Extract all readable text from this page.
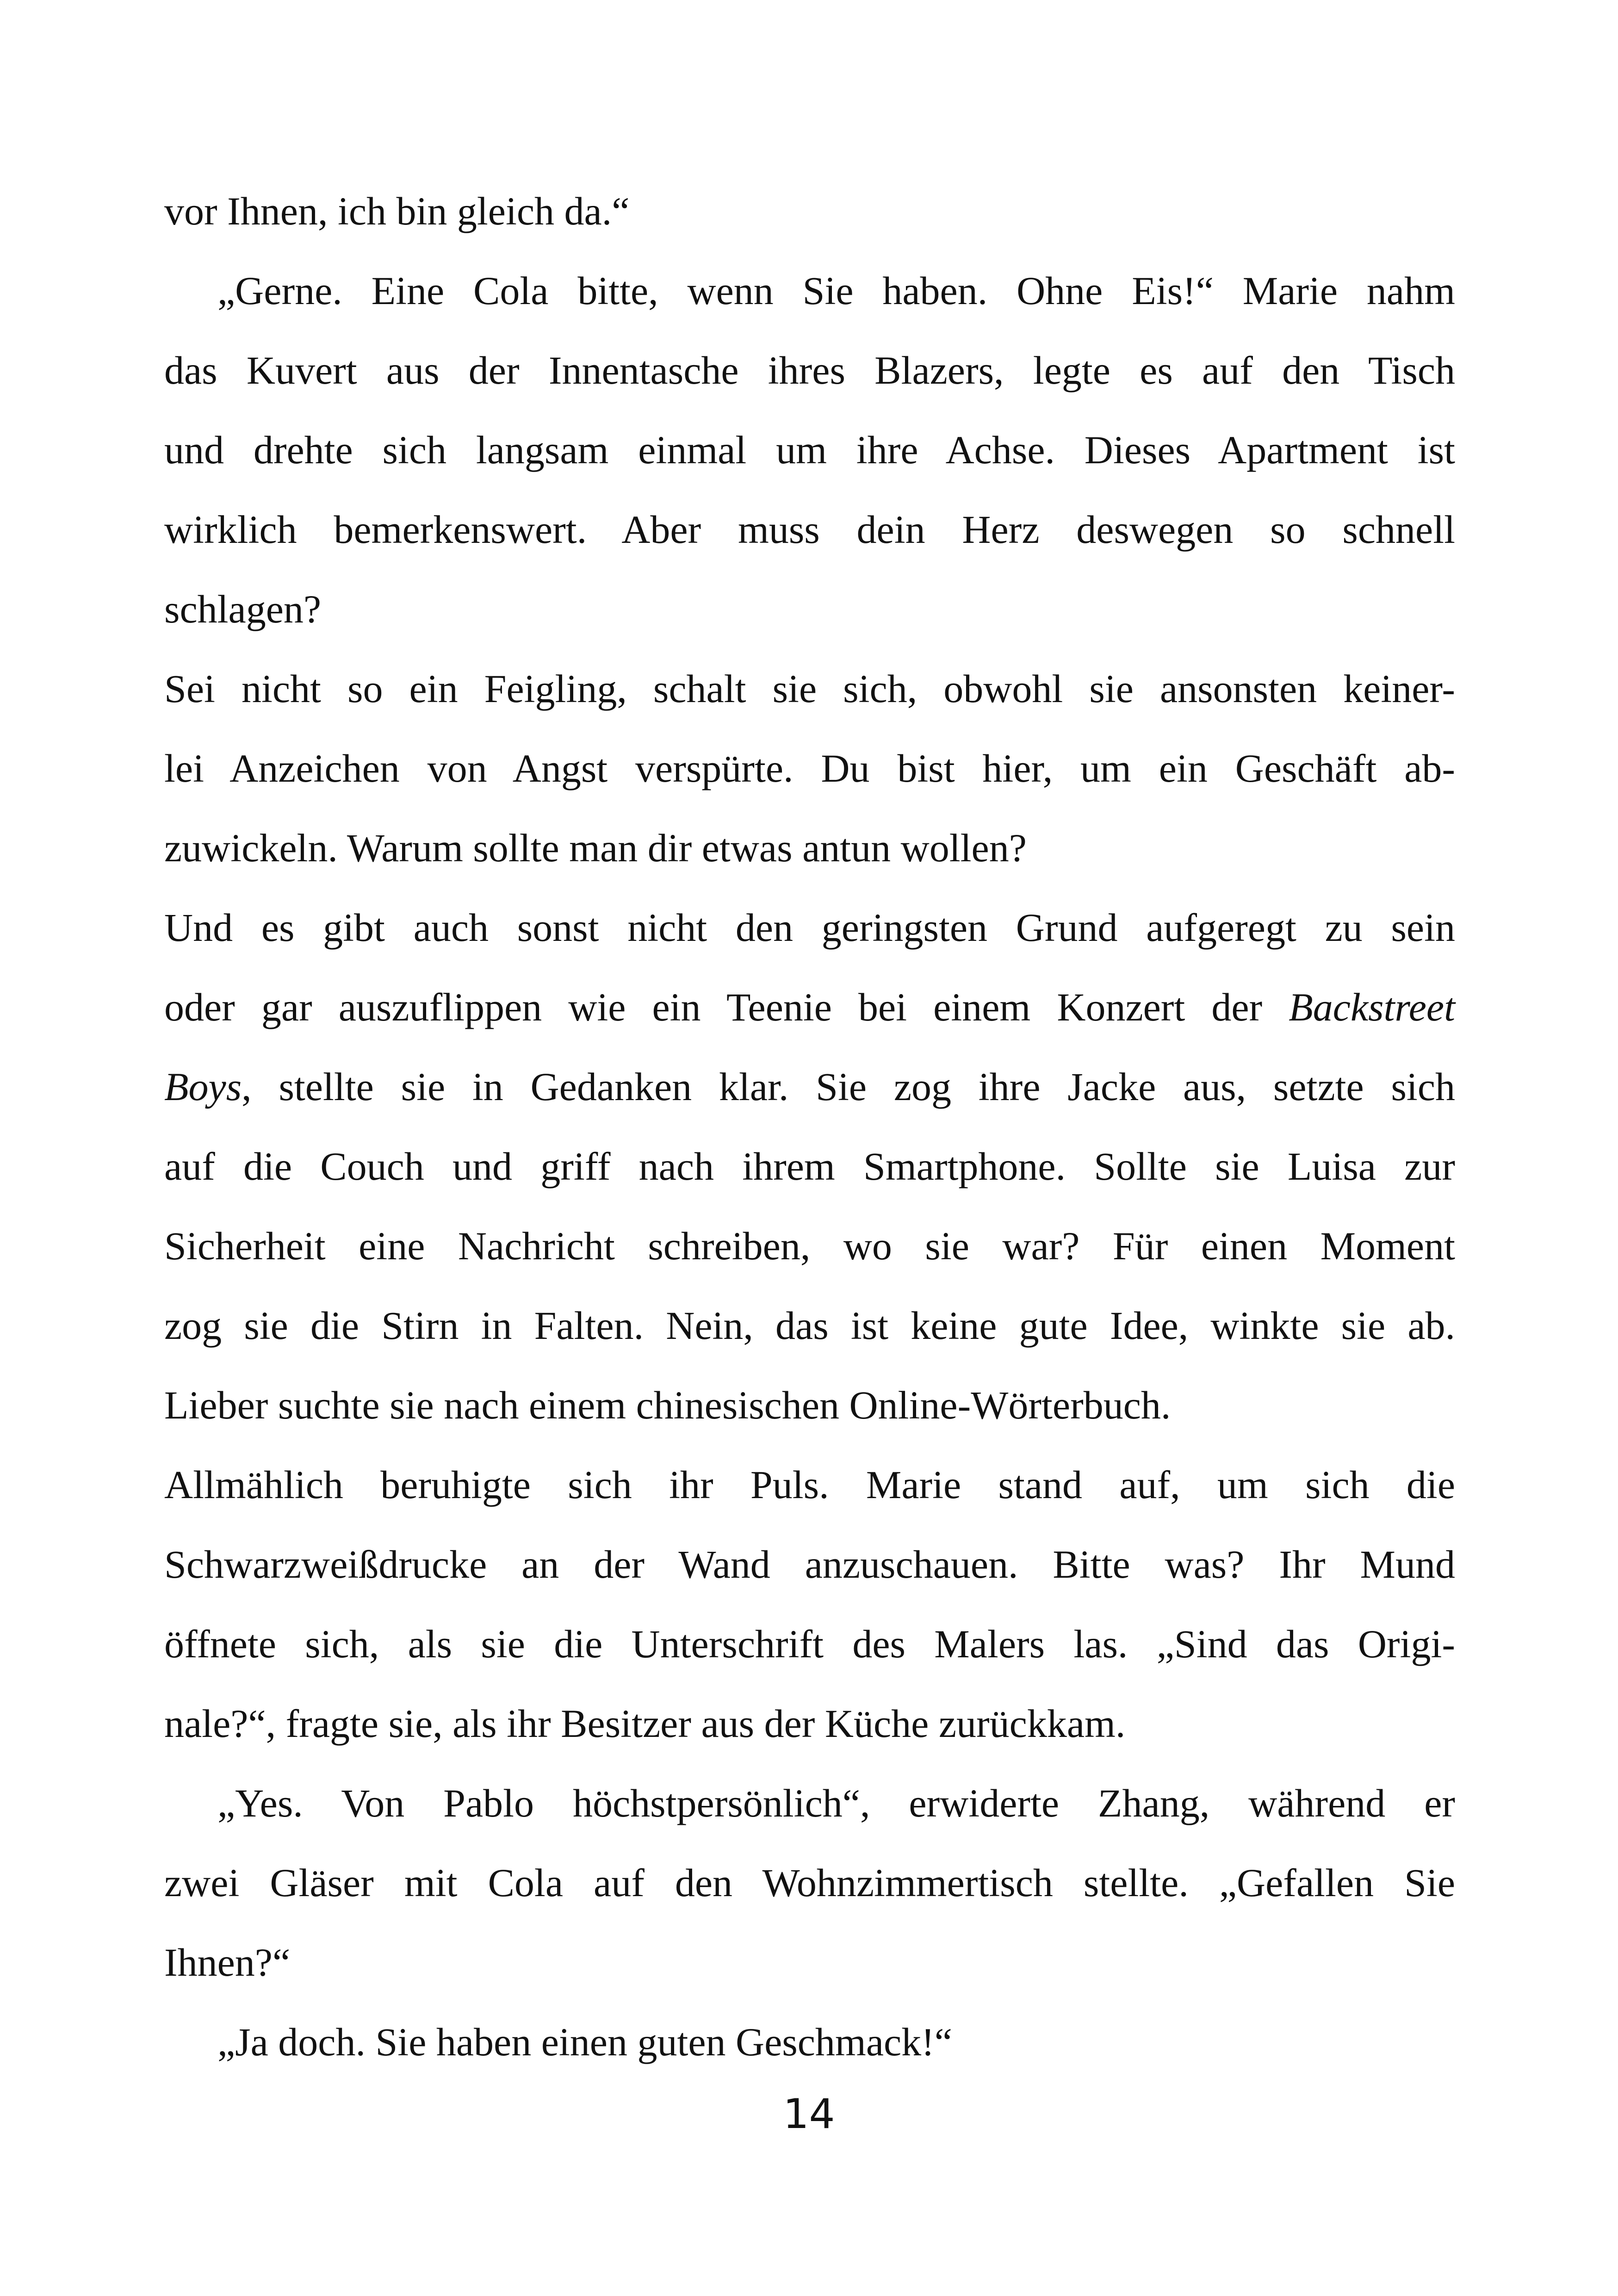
vor Ihnen, ich bin gleich da.“
„Gerne. Eine Cola bitte, wenn Sie haben. Ohne Eis!“ Marie nahm
das Kuvert aus der Innentasche ihres Blazers, legte es auf den Tisch
und drehte sich langsam einmal um ihre Achse. Dieses Apartment ist
wirklich bemerkenswert. Aber muss dein Herz deswegen so schnell
schlagen?
Sei nicht so ein Feigling, schalt sie sich, obwohl sie ansonsten keiner-
lei Anzeichen von Angst verspürte. Du bist hier, um ein Geschäft ab-
zuwickeln. Warum sollte man dir etwas antun wollen?
Und es gibt auch sonst nicht den geringsten Grund aufgeregt zu sein
oder gar auszuflippen wie ein Teenie bei einem Konzert der Backstreet
Boys, stellte sie in Gedanken klar. Sie zog ihre Jacke aus, setzte sich
auf die Couch und griff nach ihrem Smartphone. Sollte sie Luisa zur
Sicherheit eine Nachricht schreiben, wo sie war? Für einen Moment
zog sie die Stirn in Falten. Nein, das ist keine gute Idee, winkte sie ab.
Lieber suchte sie nach einem chinesischen Online-Wörterbuch.
Allmählich beruhigte sich ihr Puls. Marie stand auf, um sich die
Schwarzweißdrucke an der Wand anzuschauen. Bitte was? Ihr Mund
öffnete sich, als sie die Unterschrift des Malers las. „Sind das Origi-
nale?“, fragte sie, als ihr Besitzer aus der Küche zurückkam.
„Yes. Von Pablo höchstpersönlich“, erwiderte Zhang, während er
zwei Gläser mit Cola auf den Wohnzimmertisch stellte. „Gefallen Sie
Ihnen?“
„Ja doch. Sie haben einen guten Geschmack!“
14
